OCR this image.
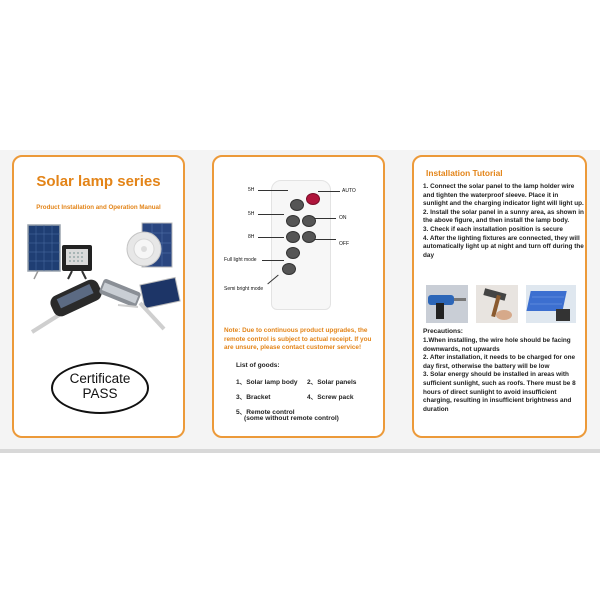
Solar lamp series
Product Installation and Operation Manual
Certificate
PASS
5H
5H
8H
AUTO
ON
OFF
Full light mode
Semi bright mode
Note: Due to continuous product upgrades, the remote control is subject to actual receipt. If you are unsure, please contact customer service!
List of goods:
1、Solar lamp body 2、Solar panels
3、Bracket	4、Screw pack
5、Remote control
(some without remote control)
Installation Tutorial
1. Connect the solar panel to the lamp holder wire and tighten the waterproof sleeve. Place it in sunlight and the charging indicator light will light up.
2. Install the solar panel in a sunny area, as shown in the above figure, and then install the lamp body.
3. Check if each installation position is secure
4. After the lighting fixtures are connected, they will automatically light up at night and turn off during the day
Precautions:
1.When installing, the wire hole should be facing downwards, not upwards
2. After installation, it needs to be charged for one day first, otherwise the battery will be low
3. Solar energy should be installed in areas with sufficient sunlight, such as roofs. There must be 8 hours of direct sunlight to avoid insufficient charging, resulting in insufficient brightness and duration
